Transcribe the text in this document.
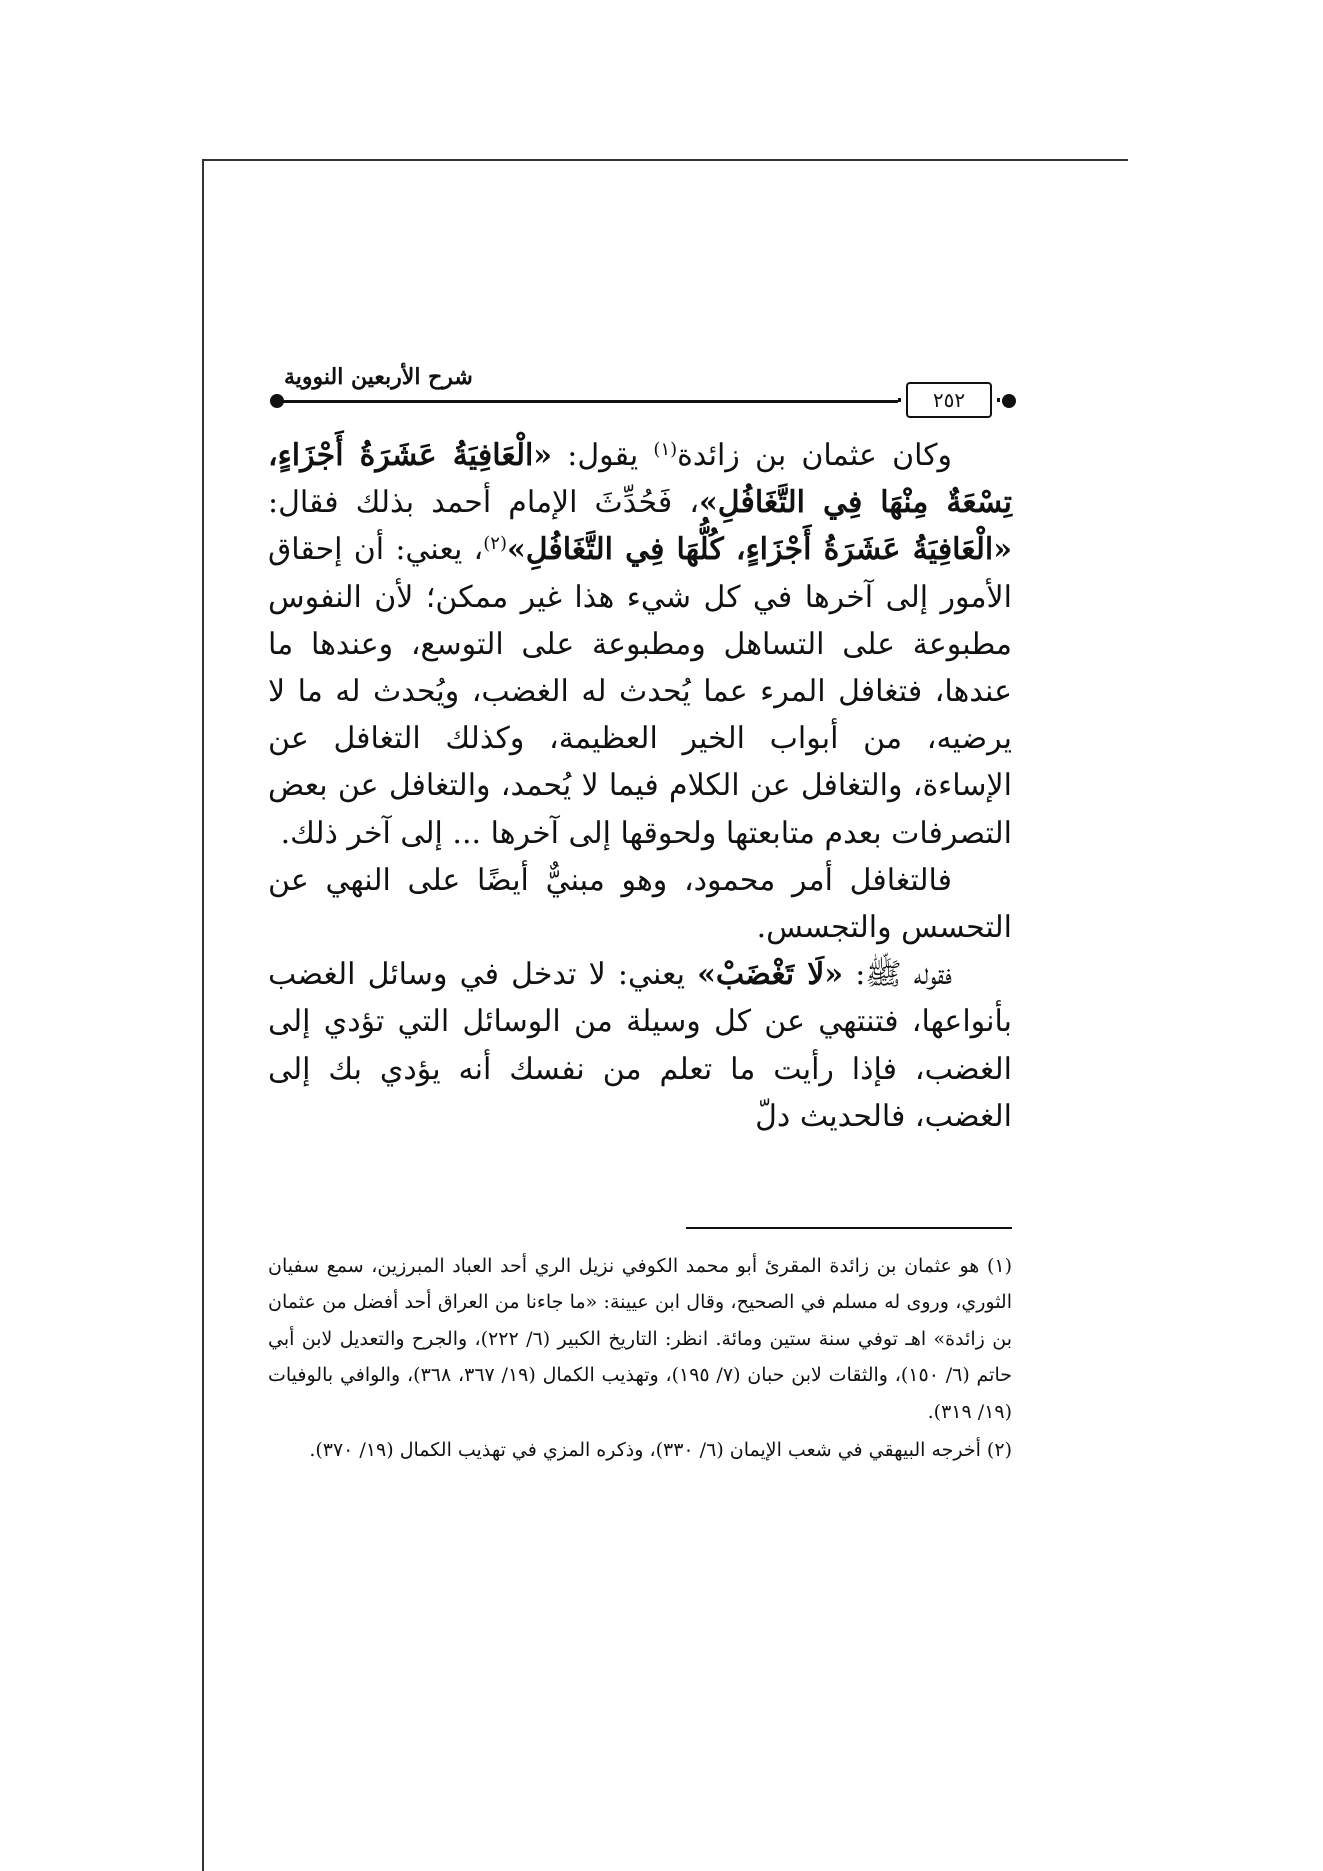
شرح الأربعين النووية
٢٥٢

وكان عثمان بن زائدة$^{(١)}$ يقول: «الْعَافِيَةُ عَشَرَةُ أَجْزَاءٍ، تِسْعَةٌ مِنْهَا فِي التَّغَافُلِ»، فَحُدِّثَ الإمام أحمد بذلك فقال: «الْعَافِيَةُ عَشَرَةُ أَجْزَاءٍ، كُلُّهَا فِي التَّغَافُلِ»$^{(٢)}$، يعني: أن إحقاق الأمور إلى آخرها في كل شيء هذا غير ممكن؛ لأن النفوس مطبوعة على التساهل ومطبوعة على التوسع، وعندها ما عندها، فتغافل المرء عما يُحدث له الغضب، ويُحدث له ما لا يرضيه، من أبواب الخير العظيمة، وكذلك التغافل عن الإساءة، والتغافل عن الكلام فيما لا يُحمد، والتغافل عن بعض التصرفات بعدم متابعتها ولحوقها إلى آخرها ... إلى آخر ذلك.

فالتغافل أمر محمود، وهو مبنيٌّ أيضًا على النهي عن التحسس والتجسس.

فقوله ﷺ: «لَا تَغْضَبْ» يعني: لا تدخل في وسائل الغضب بأنواعها، فتنتهي عن كل وسيلة من الوسائل التي تؤدي إلى الغضب، فإذا رأيت ما تعلم من نفسك أنه يؤدي بك إلى الغضب، فالحديث دلّ

(١) هو عثمان بن زائدة المقرئ أبو محمد الكوفي نزيل الري أحد العباد المبرزين، سمع سفيان الثوري، وروى له مسلم في الصحيح، وقال ابن عيينة: «ما جاءنا من العراق أحد أفضل من عثمان بن زائدة» اهـ توفي سنة ستين ومائة. انظر: التاريخ الكبير (٦/ ٢٢٢)، والجرح والتعديل لابن أبي حاتم (٦/ ١٥٠)، والثقات لابن حبان (٧/ ١٩٥)، وتهذيب الكمال (١٩/ ٣٦٧، ٣٦٨)، والوافي بالوفيات (١٩/ ٣١٩).

(٢) أخرجه البيهقي في شعب الإيمان (٦/ ٣٣٠)، وذكره المزي في تهذيب الكمال (١٩/ ٣٧٠).
